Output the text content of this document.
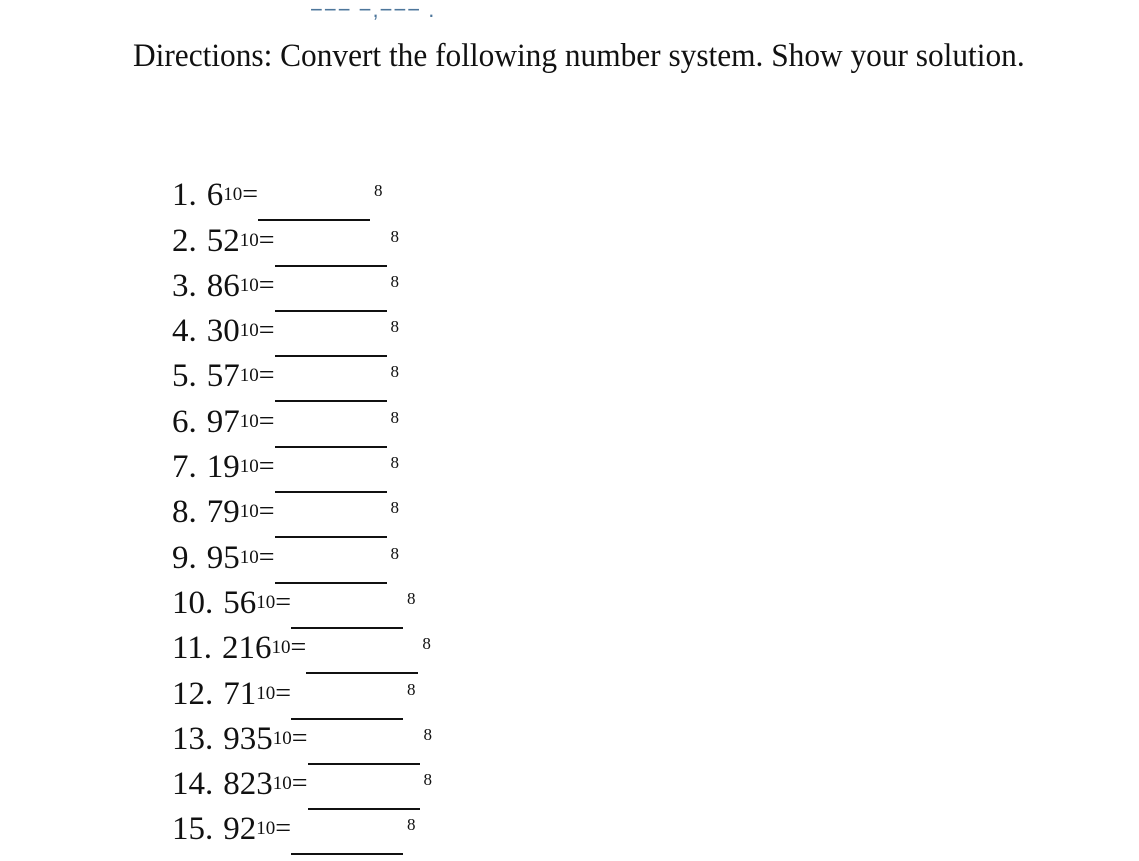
−−− −,−−− .
Directions: Convert the following number system. Show your solution.
1. 6 10 =	8
2. 52 10 =	8
3. 86 10 =	8
4. 30 10 =	8
5. 57 10 =	8
6. 97 10 =	8
7. 19 10 =	8
8. 79 10 =	8
9. 95 10 =	8
10. 56 10 =	8
11. 216 10 =	8
12. 71 10 =	8
13. 935 10 =	8
14. 823 10 =	8
15. 92 10 =	8
